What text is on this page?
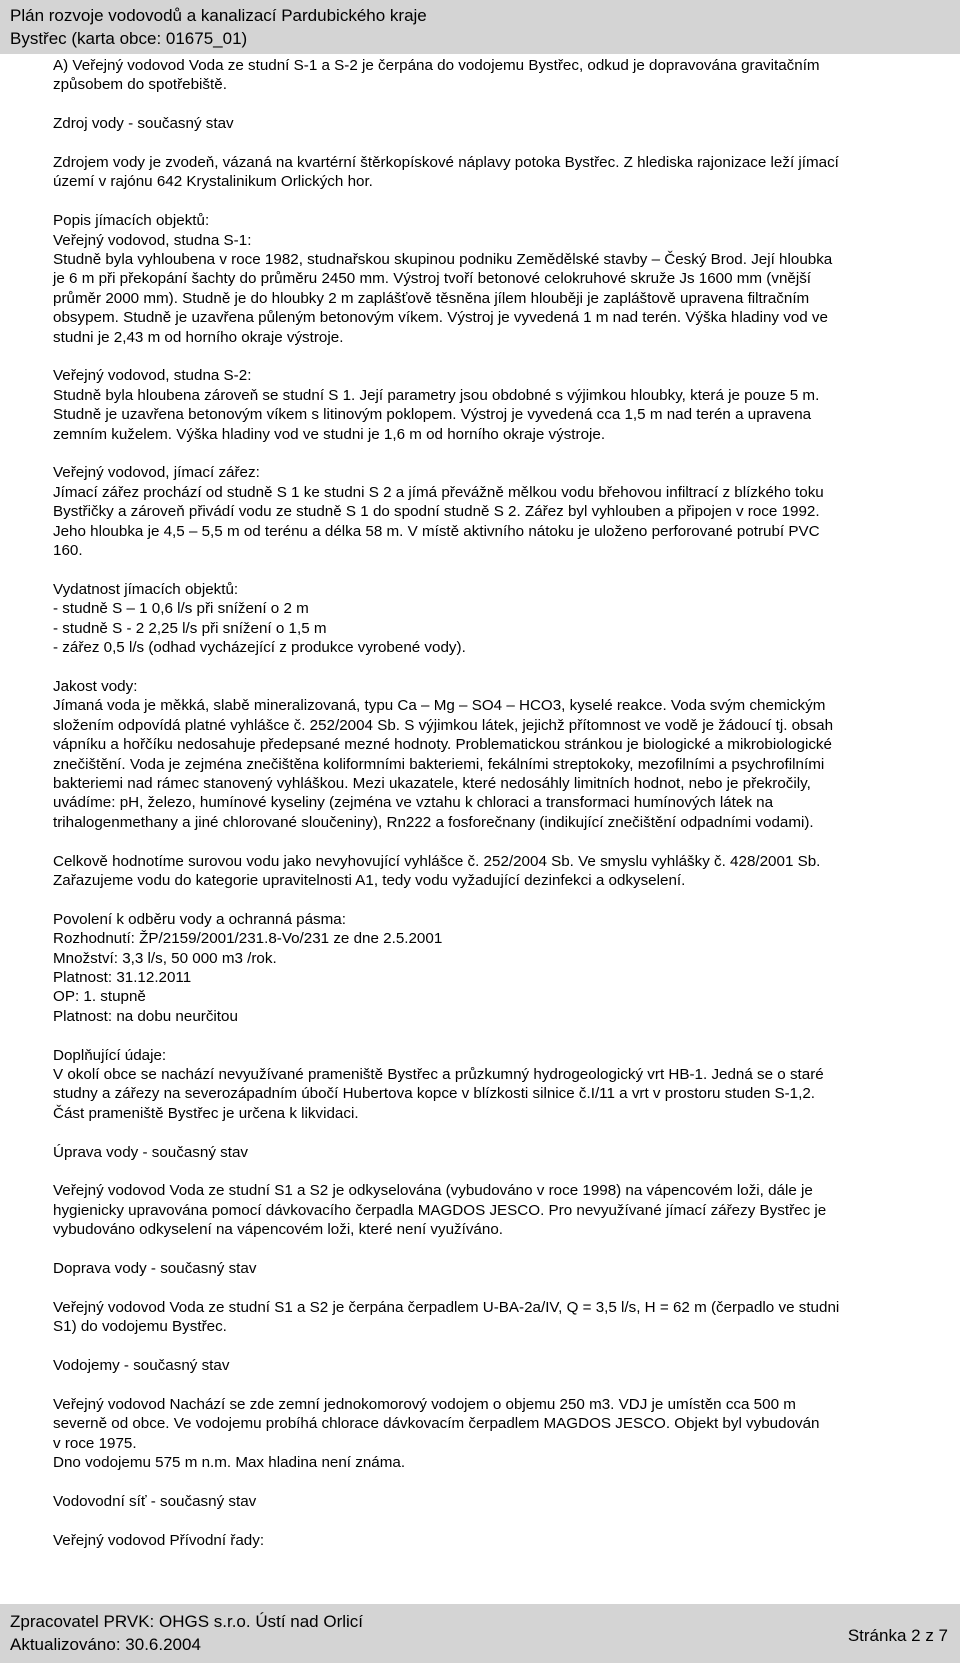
Plán rozvoje vodovodů a kanalizací Pardubického kraje
Bystřec (karta obce: 01675_01)

A) Veřejný vodovod Voda ze studní S-1 a S-2 je čerpána do vodojemu Bystřec, odkud je dopravována gravitačním
způsobem do spotřebiště.

Zdroj vody - současný stav

Zdrojem vody je zvodeň, vázaná na kvartérní štěrkopískové náplavy potoka Bystřec. Z hlediska rajonizace leží jímací
území v rajónu 642 Krystalinikum Orlických hor.

Popis jímacích objektů:
Veřejný vodovod, studna S-1:
Studně byla vyhloubena v roce 1982, studnařskou skupinou podniku Zemědělské stavby – Český Brod. Její hloubka
je 6 m při překopání šachty do průměru 2450 mm. Výstroj tvoří betonové celokruhové skruže Js 1600 mm (vnější
průměr 2000 mm). Studně je do hloubky 2 m zaplášťově těsněna jílem hlouběji je zapláštově upravena filtračním
obsypem. Studně je uzavřena půleným betonovým víkem. Výstroj je vyvedená 1 m nad terén. Výška hladiny vod ve
studni je 2,43 m od horního okraje výstroje.

Veřejný vodovod, studna S-2:
Studně byla hloubena zároveň se studní S 1. Její parametry jsou obdobné s výjimkou hloubky, která je pouze 5 m.
Studně je uzavřena betonovým víkem s litinovým poklopem. Výstroj je vyvedená cca 1,5 m nad terén a upravena
zemním kuželem. Výška hladiny vod ve studni je 1,6 m od horního okraje výstroje.

Veřejný vodovod, jímací zářez:
Jímací zářez prochází od studně S 1 ke studni S 2 a jímá převážně mělkou vodu břehovou infiltrací z blízkého toku
Bystřičky a zároveň přivádí vodu ze studně S 1 do spodní studně S 2. Zářez byl vyhlouben a připojen v roce 1992.
Jeho hloubka je 4,5 – 5,5 m od terénu a délka 58 m. V místě aktivního nátoku je uloženo perforované potrubí PVC
160.

Vydatnost jímacích objektů:
- studně S – 1 0,6 l/s při snížení o 2 m
- studně S - 2 2,25 l/s při snížení o 1,5 m
- zářez 0,5 l/s (odhad vycházející z produkce vyrobené vody).

Jakost vody:
Jímaná voda je měkká, slabě mineralizovaná, typu Ca – Mg – SO4 – HCO3, kyselé reakce. Voda svým chemickým
složením odpovídá platné vyhlášce č. 252/2004 Sb. S výjimkou látek, jejichž přítomnost ve vodě je žádoucí tj. obsah
vápníku a hořčíku nedosahuje předepsané mezné hodnoty. Problematickou stránkou je biologické a mikrobiologické
znečištění. Voda je zejména znečištěna koliformními bakteriemi, fekálními streptokoky, mezofilními a psychrofilními
bakteriemi nad rámec stanovený vyhláškou. Mezi ukazatele, které nedosáhly limitních hodnot, nebo je překročily,
uvádíme: pH, železo, humínové kyseliny (zejména ve vztahu k chloraci a transformaci humínových látek na
trihalogenmethany a jiné chlorované sloučeniny), Rn222 a fosforečnany (indikující znečištění odpadními vodami).

Celkově hodnotíme surovou vodu jako nevyhovující vyhlášce č. 252/2004 Sb. Ve smyslu vyhlášky č. 428/2001 Sb.
Zařazujeme vodu do kategorie upravitelnosti A1, tedy vodu vyžadující dezinfekci a odkyselení.

Povolení k odběru vody a ochranná pásma:
Rozhodnutí: ŽP/2159/2001/231.8-Vo/231 ze dne 2.5.2001
Množství: 3,3 l/s, 50 000 m3 /rok.
Platnost: 31.12.2011
OP: 1. stupně
Platnost: na dobu neurčitou

Doplňující údaje:
V okolí obce se nachází nevyužívané prameniště Bystřec a průzkumný hydrogeologický vrt HB-1. Jedná se o staré
studny a zářezy na severozápadním úbočí Hubertova kopce v blízkosti silnice č.I/11 a vrt v prostoru studen S-1,2.
Část prameniště Bystřec je určena k likvidaci.

Úprava vody - současný stav

Veřejný vodovod Voda ze studní S1 a S2 je odkyselována (vybudováno v roce 1998) na vápencovém loži, dále je
hygienicky upravována pomocí dávkovacího čerpadla MAGDOS JESCO. Pro nevyužívané jímací zářezy Bystřec je
vybudováno odkyselení na vápencovém loži, které není využíváno.

Doprava vody - současný stav

Veřejný vodovod Voda ze studní S1 a S2 je čerpána čerpadlem U-BA-2a/IV, Q = 3,5 l/s, H = 62 m (čerpadlo ve studni
S1) do vodojemu Bystřec.

Vodojemy - současný stav

Veřejný vodovod Nachází se zde zemní jednokomorový vodojem o objemu 250 m3. VDJ je umístěn cca 500 m
severně od obce. Ve vodojemu probíhá chlorace dávkovacím čerpadlem MAGDOS JESCO. Objekt byl vybudován
v roce 1975.
Dno vodojemu 575 m n.m. Max hladina není známa.

Vodovodní síť - současný stav

Veřejný vodovod Přívodní řady:

Zpracovatel PRVK: OHGS s.r.o. Ústí nad Orlicí
Aktualizováno: 30.6.2004	Stránka 2 z 7
